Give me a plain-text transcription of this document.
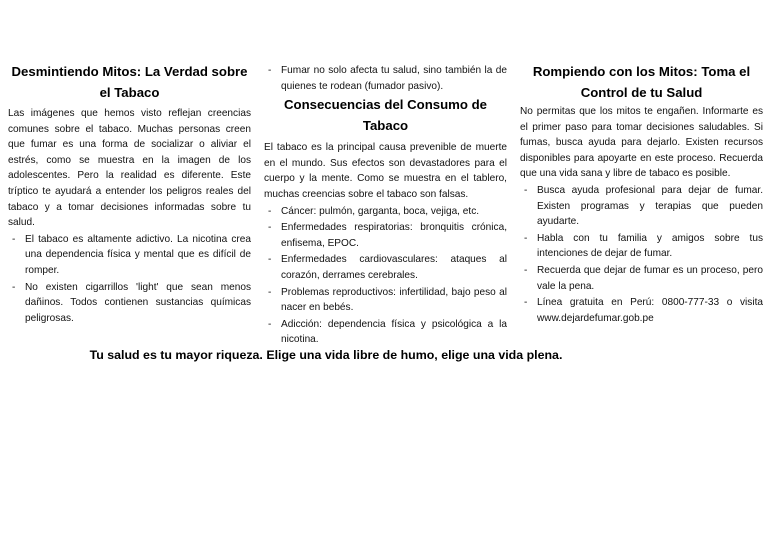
Desmintiendo Mitos: La Verdad sobre el Tabaco

Las imágenes que hemos visto reflejan creencias comunes sobre el tabaco. Muchas personas creen que fumar es una forma de socializar o aliviar el estrés, como se muestra en la imagen de los adolescentes. Pero la realidad es diferente. Este tríptico te ayudará a entender los peligros reales del tabaco y a tomar decisiones informadas sobre tu salud.

- El tabaco es altamente adictivo. La nicotina crea una dependencia física y mental que es difícil de romper.
- No existen cigarrillos 'light' que sean menos dañinos. Todos contienen sustancias químicas peligrosas.
- Fumar no solo afecta tu salud, sino también la de quienes te rodean (fumador pasivo).
Consecuencias del Consumo de Tabaco

El tabaco es la principal causa prevenible de muerte en el mundo. Sus efectos son devastadores para el cuerpo y la mente. Como se muestra en el tablero, muchas creencias sobre el tabaco son falsas.

- Cáncer: pulmón, garganta, boca, vejiga, etc.
- Enfermedades respiratorias: bronquitis crónica, enfisema, EPOC.
- Enfermedades cardiovasculares: ataques al corazón, derrames cerebrales.
- Problemas reproductivos: infertilidad, bajo peso al nacer en bebés.
- Adicción: dependencia física y psicológica a la nicotina.
Rompiendo con los Mitos: Toma el Control de tu Salud

No permitas que los mitos te engañen. Informarte es el primer paso para tomar decisiones saludables. Si fumas, busca ayuda para dejarlo. Existen recursos disponibles para apoyarte en este proceso. Recuerda que una vida sana y libre de tabaco es posible.

- Busca ayuda profesional para dejar de fumar. Existen programas y terapias que pueden ayudarte.
- Habla con tu familia y amigos sobre tus intenciones de dejar de fumar.
- Recuerda que dejar de fumar es un proceso, pero vale la pena.
- Línea gratuita en Perú: 0800-777-33 o visita www.dejardefumar.gob.pe
Tu salud es tu mayor riqueza. Elige una vida libre de humo, elige una vida plena.
